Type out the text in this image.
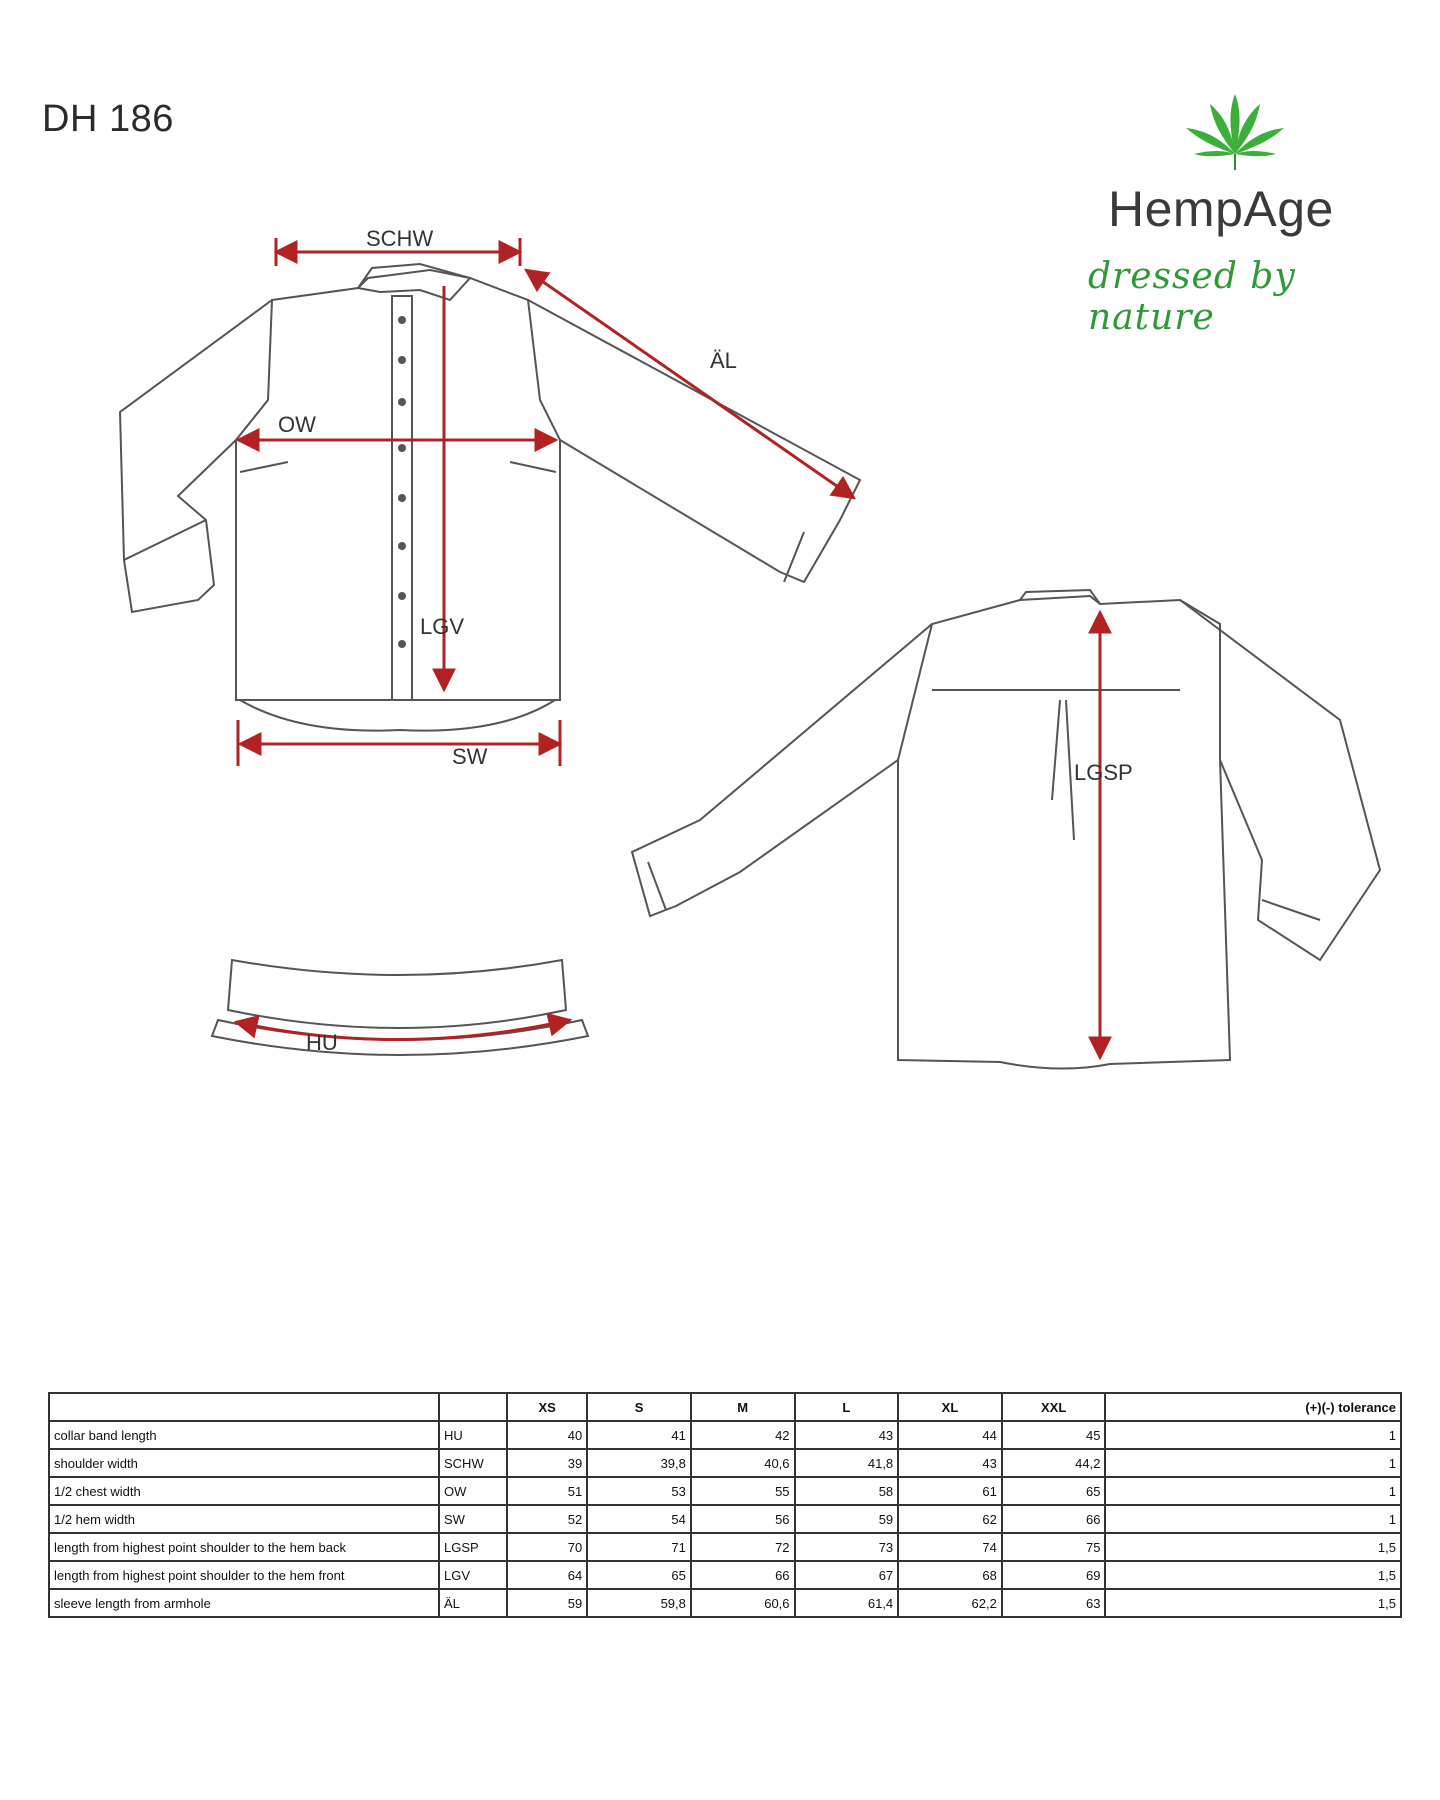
DH 186
HempAge
dressed by nature
SCHW
ÄL
OW
LGV
SW
LGSP
HU
		XS	S	M	L	XL	XXL	(+)(-) tolerance
collar band length	HU	40	41	42	43	44	45	1
shoulder width	SCHW	39	39,8	40,6	41,8	43	44,2	1
1/2 chest width	OW	51	53	55	58	61	65	1
1/2 hem width	SW	52	54	56	59	62	66	1
length from highest point shoulder to the hem back	LGSP	70	71	72	73	74	75	1,5
length from highest point shoulder to the hem front	LGV	64	65	66	67	68	69	1,5
sleeve length from armhole	ÄL	59	59,8	60,6	61,4	62,2	63	1,5
